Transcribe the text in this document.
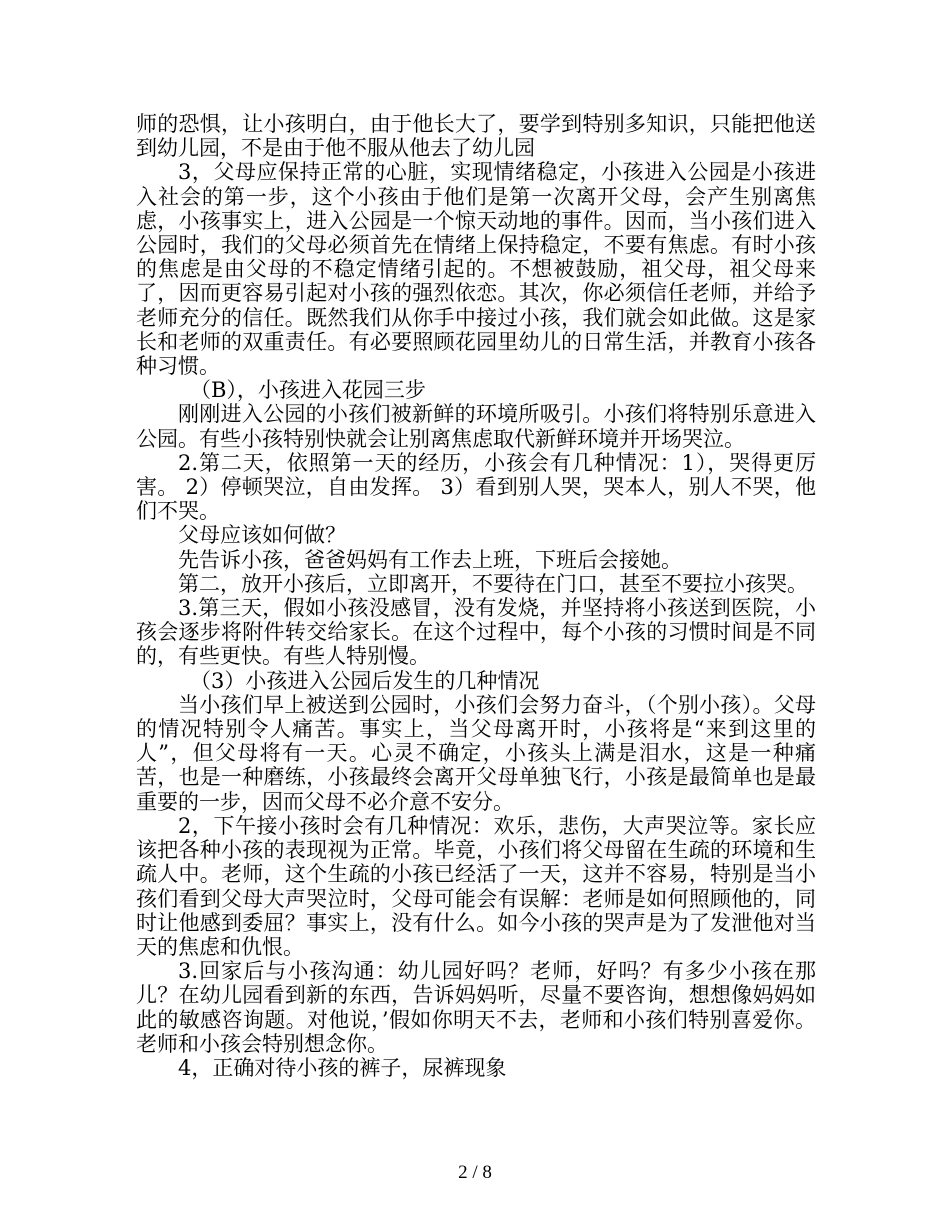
师的恐惧，让小孩明白，由于他长大了，要学到特别多知识，只能把他送到幼儿园，不是由于他不服从他去了幼儿园

3，父母应保持正常的心脏，实现情绪稳定，小孩进入公园是小孩进入社会的第一步，这个小孩由于他们是第一次离开父母，会产生别离焦虑，小孩事实上，进入公园是一个惊天动地的事件。因而，当小孩们进入公园时，我们的父母必须首先在情绪上保持稳定，不要有焦虑。有时小孩的焦虑是由父母的不稳定情绪引起的。不想被鼓励，祖父母，祖父母来了，因而更容易引起对小孩的强烈依恋。其次，你必须信任老师，并给予老师充分的信任。既然我们从你手中接过小孩，我们就会如此做。这是家长和老师的双重责任。有必要照顾花园里幼儿的日常生活，并教育小孩各种习惯。

（B），小孩进入花园三步

刚刚进入公园的小孩们被新鲜的环境所吸引。小孩们将特别乐意进入公园。有些小孩特别快就会让别离焦虑取代新鲜环境并开场哭泣。

2.第二天，依照第一天的经历，小孩会有几种情况：1），哭得更厉害。 2）停顿哭泣，自由发挥。 3）看到别人哭，哭本人，别人不哭，他们不哭。

父母应该如何做？

先告诉小孩，爸爸妈妈有工作去上班，下班后会接她。

第二，放开小孩后，立即离开，不要待在门口，甚至不要拉小孩哭。

3.第三天，假如小孩没感冒，没有发烧，并坚持将小孩送到医院，小孩会逐步将附件转交给家长。在这个过程中，每个小孩的习惯时间是不同的，有些更快。有些人特别慢。

（3）小孩进入公园后发生的几种情况

当小孩们早上被送到公园时，小孩们会努力奋斗，（个别小孩）。父母的情况特别令人痛苦。事实上，当父母离开时，小孩将是“来到这里的人”，但父母将有一天。心灵不确定，小孩头上满是泪水，这是一种痛苦，也是一种磨练，小孩最终会离开父母单独飞行，小孩是最简单也是最重要的一步，因而父母不必介意不安分。

2，下午接小孩时会有几种情况：欢乐，悲伤，大声哭泣等。家长应该把各种小孩的表现视为正常。毕竟，小孩们将父母留在生疏的环境和生疏人中。老师，这个生疏的小孩已经活了一天，这并不容易，特别是当小孩们看到父母大声哭泣时，父母可能会有误解：老师是如何照顾他的，同时让他感到委屈？事实上，没有什么。如今小孩的哭声是为了发泄他对当天的焦虑和仇恨。

3.回家后与小孩沟通：幼儿园好吗？老师，好吗？有多少小孩在那儿？在幼儿园看到新的东西，告诉妈妈听，尽量不要咨询，想想像妈妈如此的敏感咨询题。对他说，’假如你明天不去，老师和小孩们特别喜爱你。老师和小孩会特别想念你。

4，正确对待小孩的裤子，尿裤现象

2 / 8
